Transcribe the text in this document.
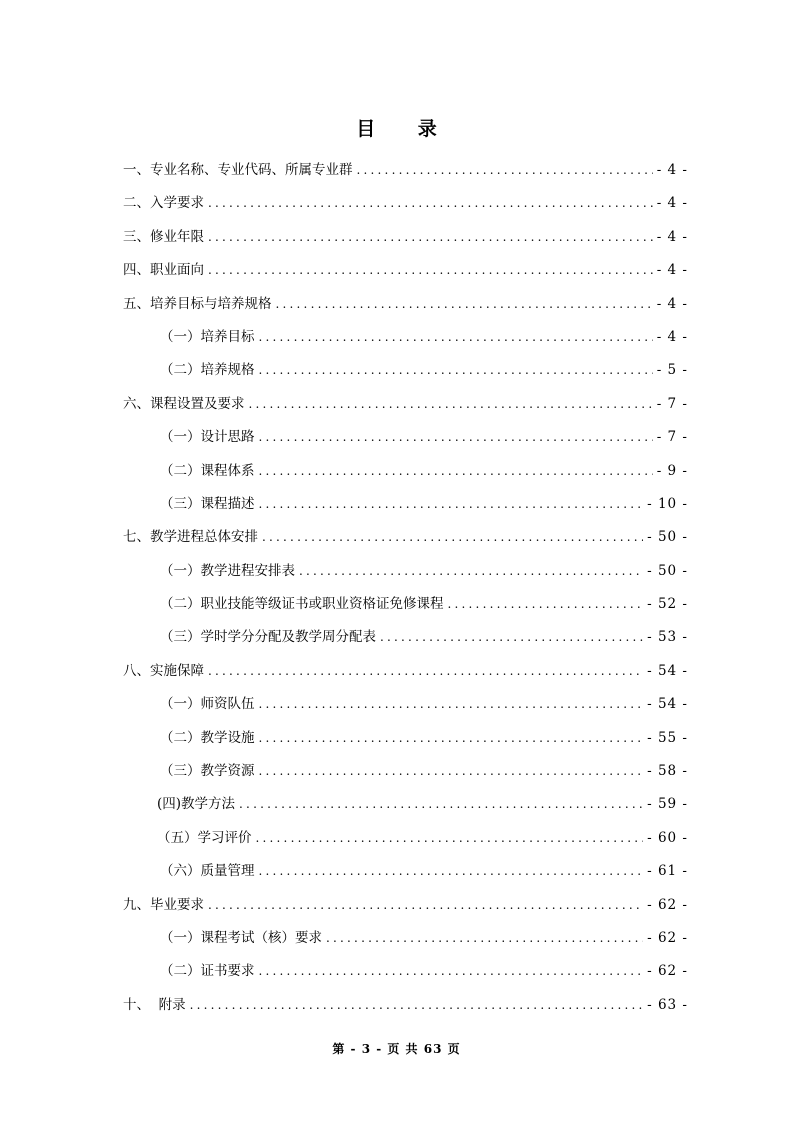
目 录
一、专业名称、专业代码、所属专业群 .....	- 4 -
二、入学要求 .....	- 4 -
三、修业年限 .....	- 4 -
四、职业面向 .....	- 4 -
五、培养目标与培养规格 .....	- 4 -
（一）培养目标 .....	- 4 -
（二）培养规格 .....	- 5 -
六、课程设置及要求 .....	- 7 -
（一）设计思路 .....	- 7 -
（二）课程体系 .....	- 9 -
（三）课程描述 .....	- 10 -
七、教学进程总体安排 .....	- 50 -
（一）教学进程安排表 .....	- 50 -
（二）职业技能等级证书或职业资格证免修课程 .....	- 52 -
（三）学时学分分配及教学周分配表 .....	- 53 -
八、实施保障 .....	- 54 -
（一）师资队伍 .....	- 54 -
（二）教学设施 .....	- 55 -
（三）教学资源 .....	- 58 -
(四)教学方法 .....	- 59 -
（五）学习评价 .....	- 60 -
（六）质量管理 .....	- 61 -
九、毕业要求 .....	- 62 -
（一）课程考试（核）要求 .....	- 62 -
（二）证书要求 .....	- 62 -
十、  附录 .....	- 63 -
第 - 3 - 页 共 63 页
